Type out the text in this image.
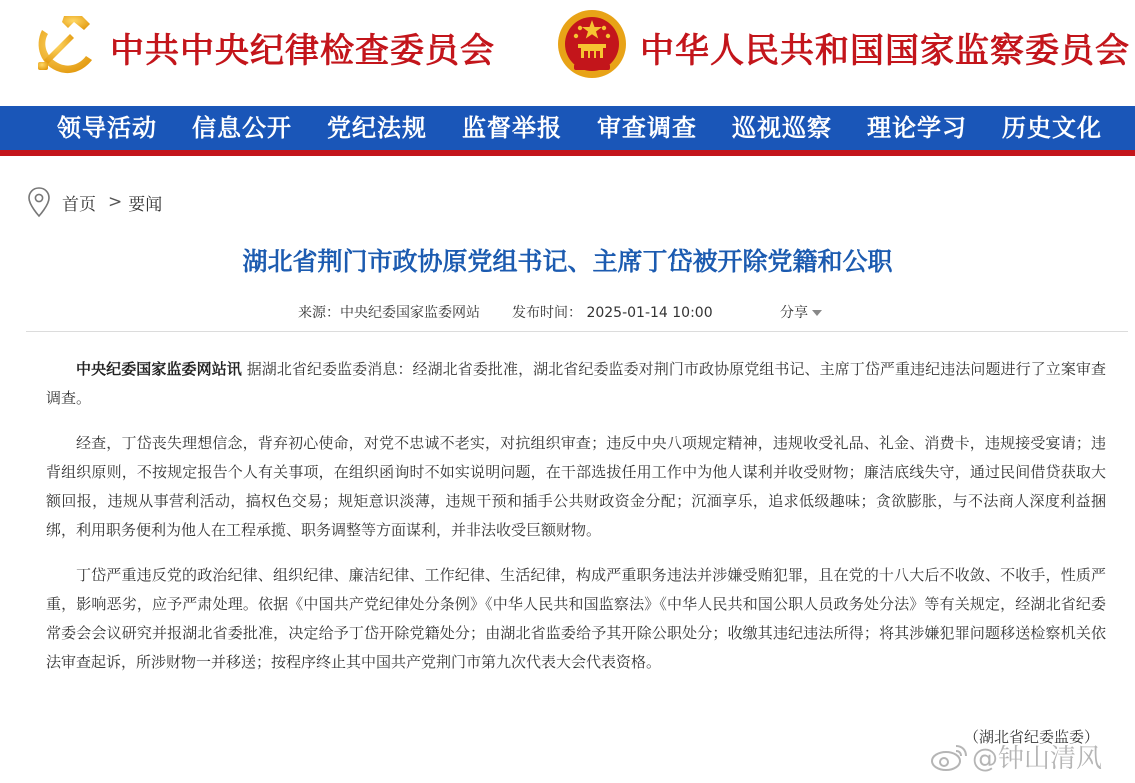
中共中央纪律检查委员会	中华人民共和国国家监察委员会
领导活动 信息公开 党纪法规 监督举报 审查调查 巡视巡察 理论学习 历史文化
首页 > 要闻
湖北省荆门市政协原党组书记、主席丁岱被开除党籍和公职
来源：中央纪委国家监委网站 发布时间： 2025-01-14 10:00	分享

中央纪委国家监委网站讯 据湖北省纪委监委消息：经湖北省委批准，湖北省纪委监委对荆门市政协原党组书记、主席丁岱严重违纪违法问题进行了立案审查调查。

经查，丁岱丧失理想信念，背弃初心使命，对党不忠诚不老实，对抗组织审查；违反中央八项规定精神，违规收受礼品、礼金、消费卡，违规接受宴请；违背组织原则，不按规定报告个人有关事项，在组织函询时不如实说明问题，在干部选拔任用工作中为他人谋利并收受财物；廉洁底线失守，通过民间借贷获取大额回报，违规从事营利活动，搞权色交易；规矩意识淡薄，违规干预和插手公共财政资金分配；沉湎享乐，追求低级趣味；贪欲膨胀，与不法商人深度利益捆绑，利用职务便利为他人在工程承揽、职务调整等方面谋利，并非法收受巨额财物。

丁岱严重违反党的政治纪律、组织纪律、廉洁纪律、工作纪律、生活纪律，构成严重职务违法并涉嫌受贿犯罪，且在党的十八大后不收敛、不收手，性质严重，影响恶劣，应予严肃处理。依据《中国共产党纪律处分条例》《中华人民共和国监察法》《中华人民共和国公职人员政务处分法》等有关规定，经湖北省纪委常委会会议研究并报湖北省委批准，决定给予丁岱开除党籍处分；由湖北省监委给予其开除公职处分；收缴其违纪违法所得；将其涉嫌犯罪问题移送检察机关依法审查起诉，所涉财物一并移送；按程序终止其中国共产党荆门市第九次代表大会代表资格。

（湖北省纪委监委）
@钟山清风
